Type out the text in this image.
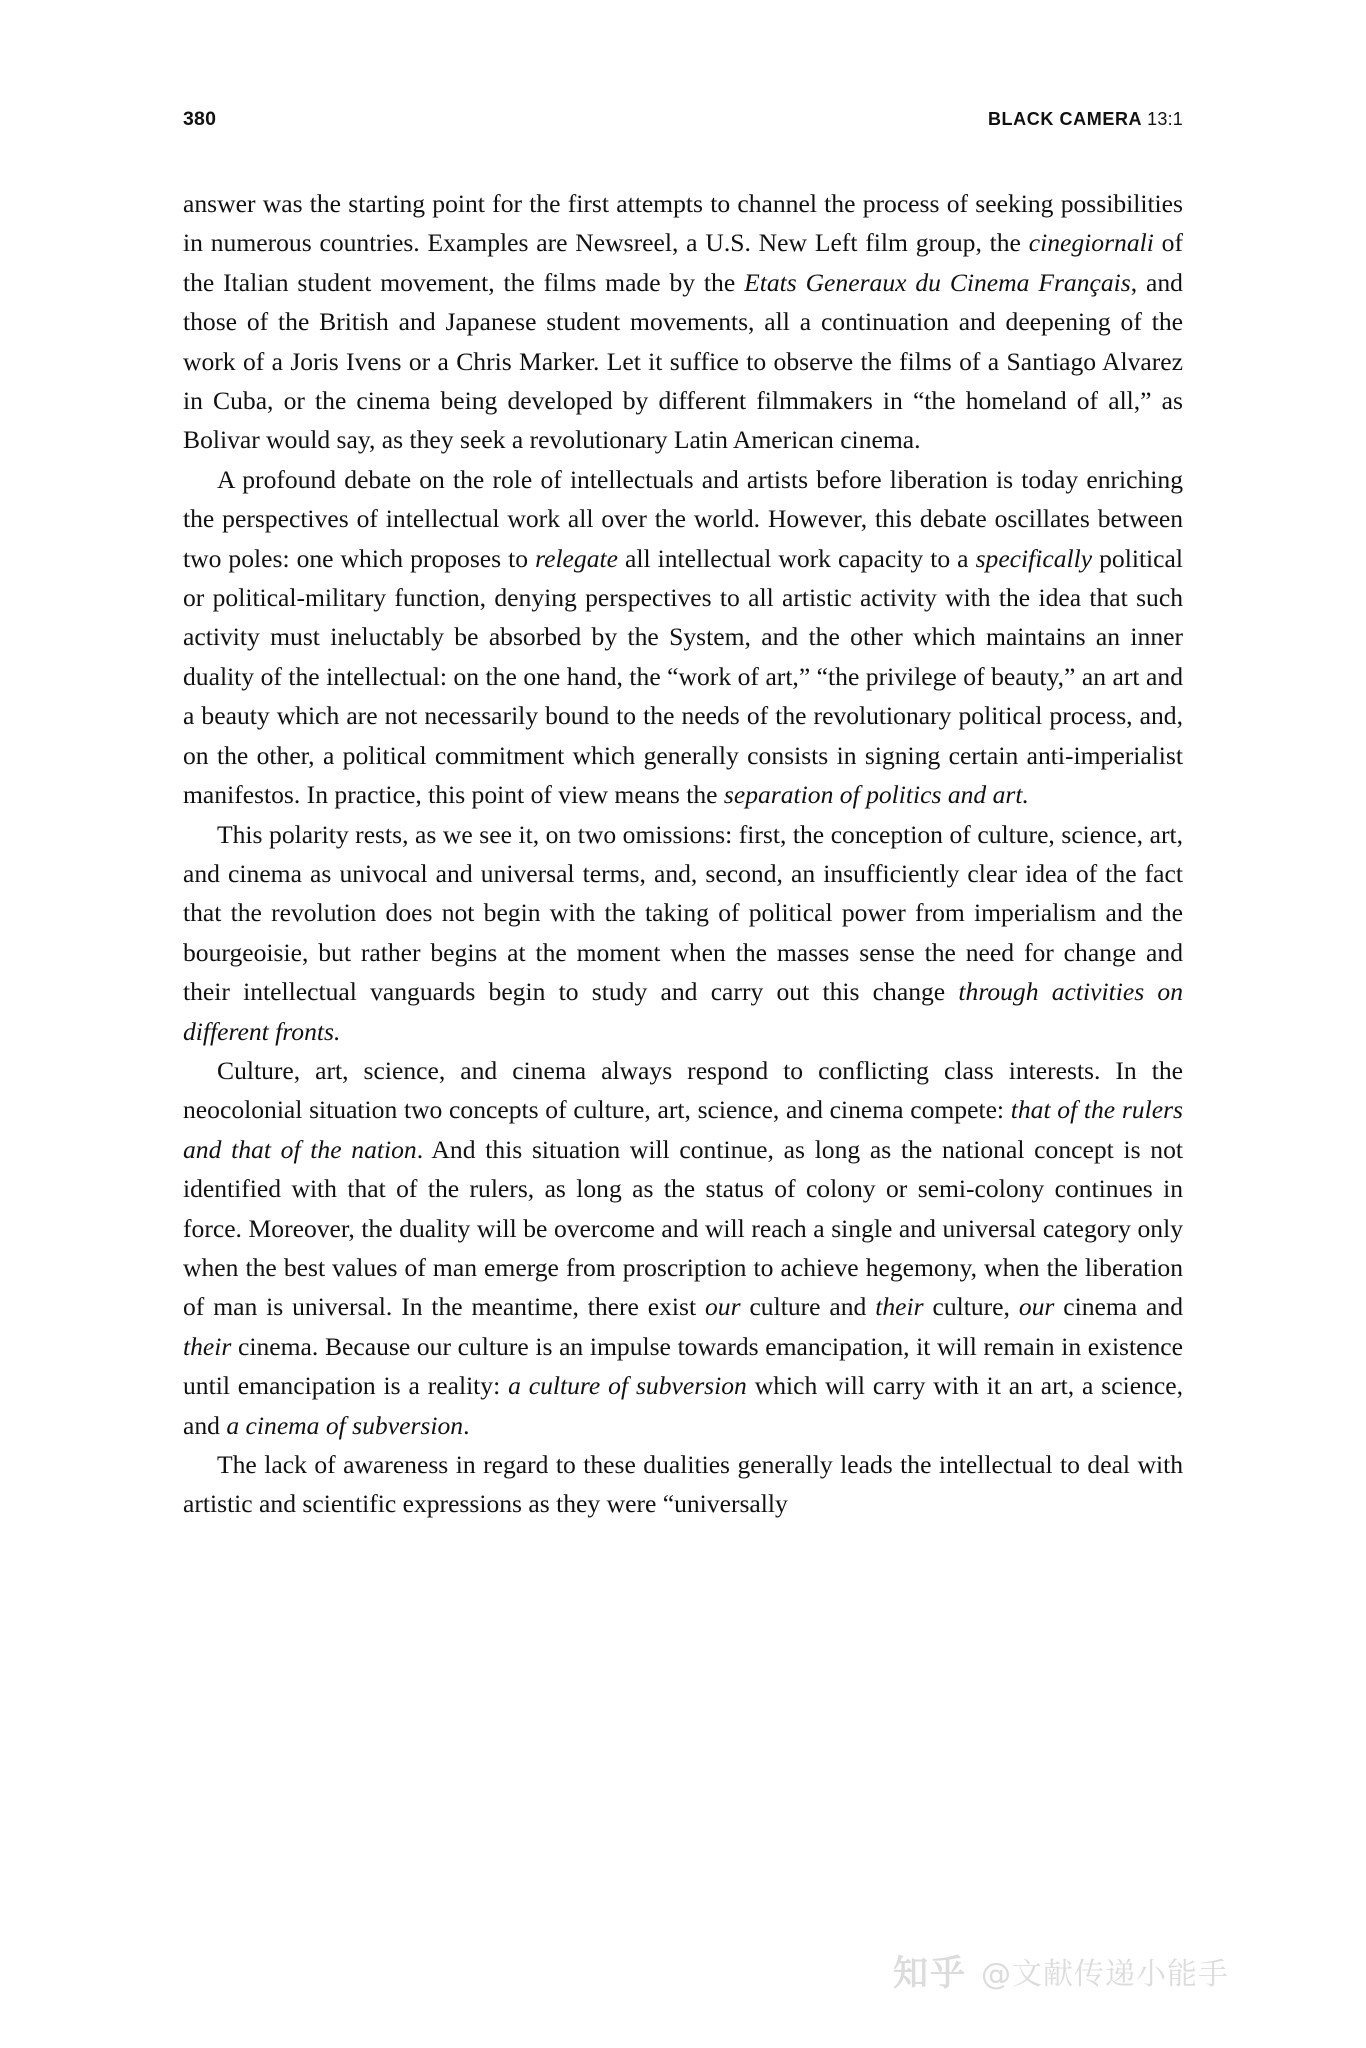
380	BLACK CAMERA 13:1

answer was the starting point for the first attempts to channel the process of seeking possibilities in numerous countries. Examples are Newsreel, a U.S. New Left film group, the cinegiornali of the Italian student movement, the films made by the Etats Generaux du Cinema Français, and those of the British and Japanese student movements, all a continuation and deepening of the work of a Joris Ivens or a Chris Marker. Let it suffice to observe the films of a Santiago Alvarez in Cuba, or the cinema being developed by different filmmakers in “the homeland of all,” as Bolivar would say, as they seek a revolutionary Latin American cinema.

A profound debate on the role of intellectuals and artists before liberation is today enriching the perspectives of intellectual work all over the world. However, this debate oscillates between two poles: one which proposes to relegate all intellectual work capacity to a specifically political or political-military function, denying perspectives to all artistic activity with the idea that such activity must ineluctably be absorbed by the System, and the other which maintains an inner duality of the intellectual: on the one hand, the “work of art,” “the privilege of beauty,” an art and a beauty which are not necessarily bound to the needs of the revolutionary political process, and, on the other, a political commitment which generally consists in signing certain anti-imperialist manifestos. In practice, this point of view means the separation of politics and art.

This polarity rests, as we see it, on two omissions: first, the conception of culture, science, art, and cinema as univocal and universal terms, and, second, an insufficiently clear idea of the fact that the revolution does not begin with the taking of political power from imperialism and the bourgeoisie, but rather begins at the moment when the masses sense the need for change and their intellectual vanguards begin to study and carry out this change through activities on different fronts.

Culture, art, science, and cinema always respond to conflicting class interests. In the neocolonial situation two concepts of culture, art, science, and cinema compete: that of the rulers and that of the nation. And this situation will continue, as long as the national concept is not identified with that of the rulers, as long as the status of colony or semi-colony continues in force. Moreover, the duality will be overcome and will reach a single and universal category only when the best values of man emerge from proscription to achieve hegemony, when the liberation of man is universal. In the meantime, there exist our culture and their culture, our cinema and their cinema. Because our culture is an impulse towards emancipation, it will remain in existence until emancipation is a reality: a culture of subversion which will carry with it an art, a science, and a cinema of subversion.

The lack of awareness in regard to these dualities generally leads the intellectual to deal with artistic and scientific expressions as they were “universally

知乎 @文献传递小能手
